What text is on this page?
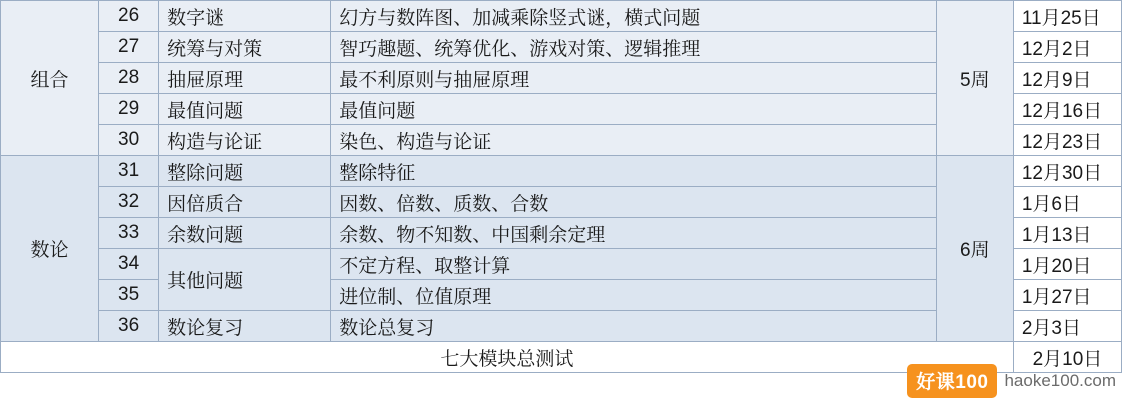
组合	26	数字谜	幻方与数阵图、加减乘除竖式谜，横式问题	5周	11月25日
	27	统筹与对策	智巧趣题、统筹优化、游戏对策、逻辑推理		12月2日
	28	抽屉原理	最不利原则与抽屉原理		12月9日
	29	最值问题	最值问题		12月16日
	30	构造与论证	染色、构造与论证		12月23日
数论	31	整除问题	整除特征	6周	12月30日
	32	因倍质合	因数、倍数、质数、合数		1月6日
	33	余数问题	余数、物不知数、中国剩余定理		1月13日
	34	其他问题	不定方程、取整计算		1月20日
	35		进位制、位值原理		1月27日
	36	数论复习	数论总复习		2月3日
七大模块总测试					2月10日
好课100 haoke100.com
